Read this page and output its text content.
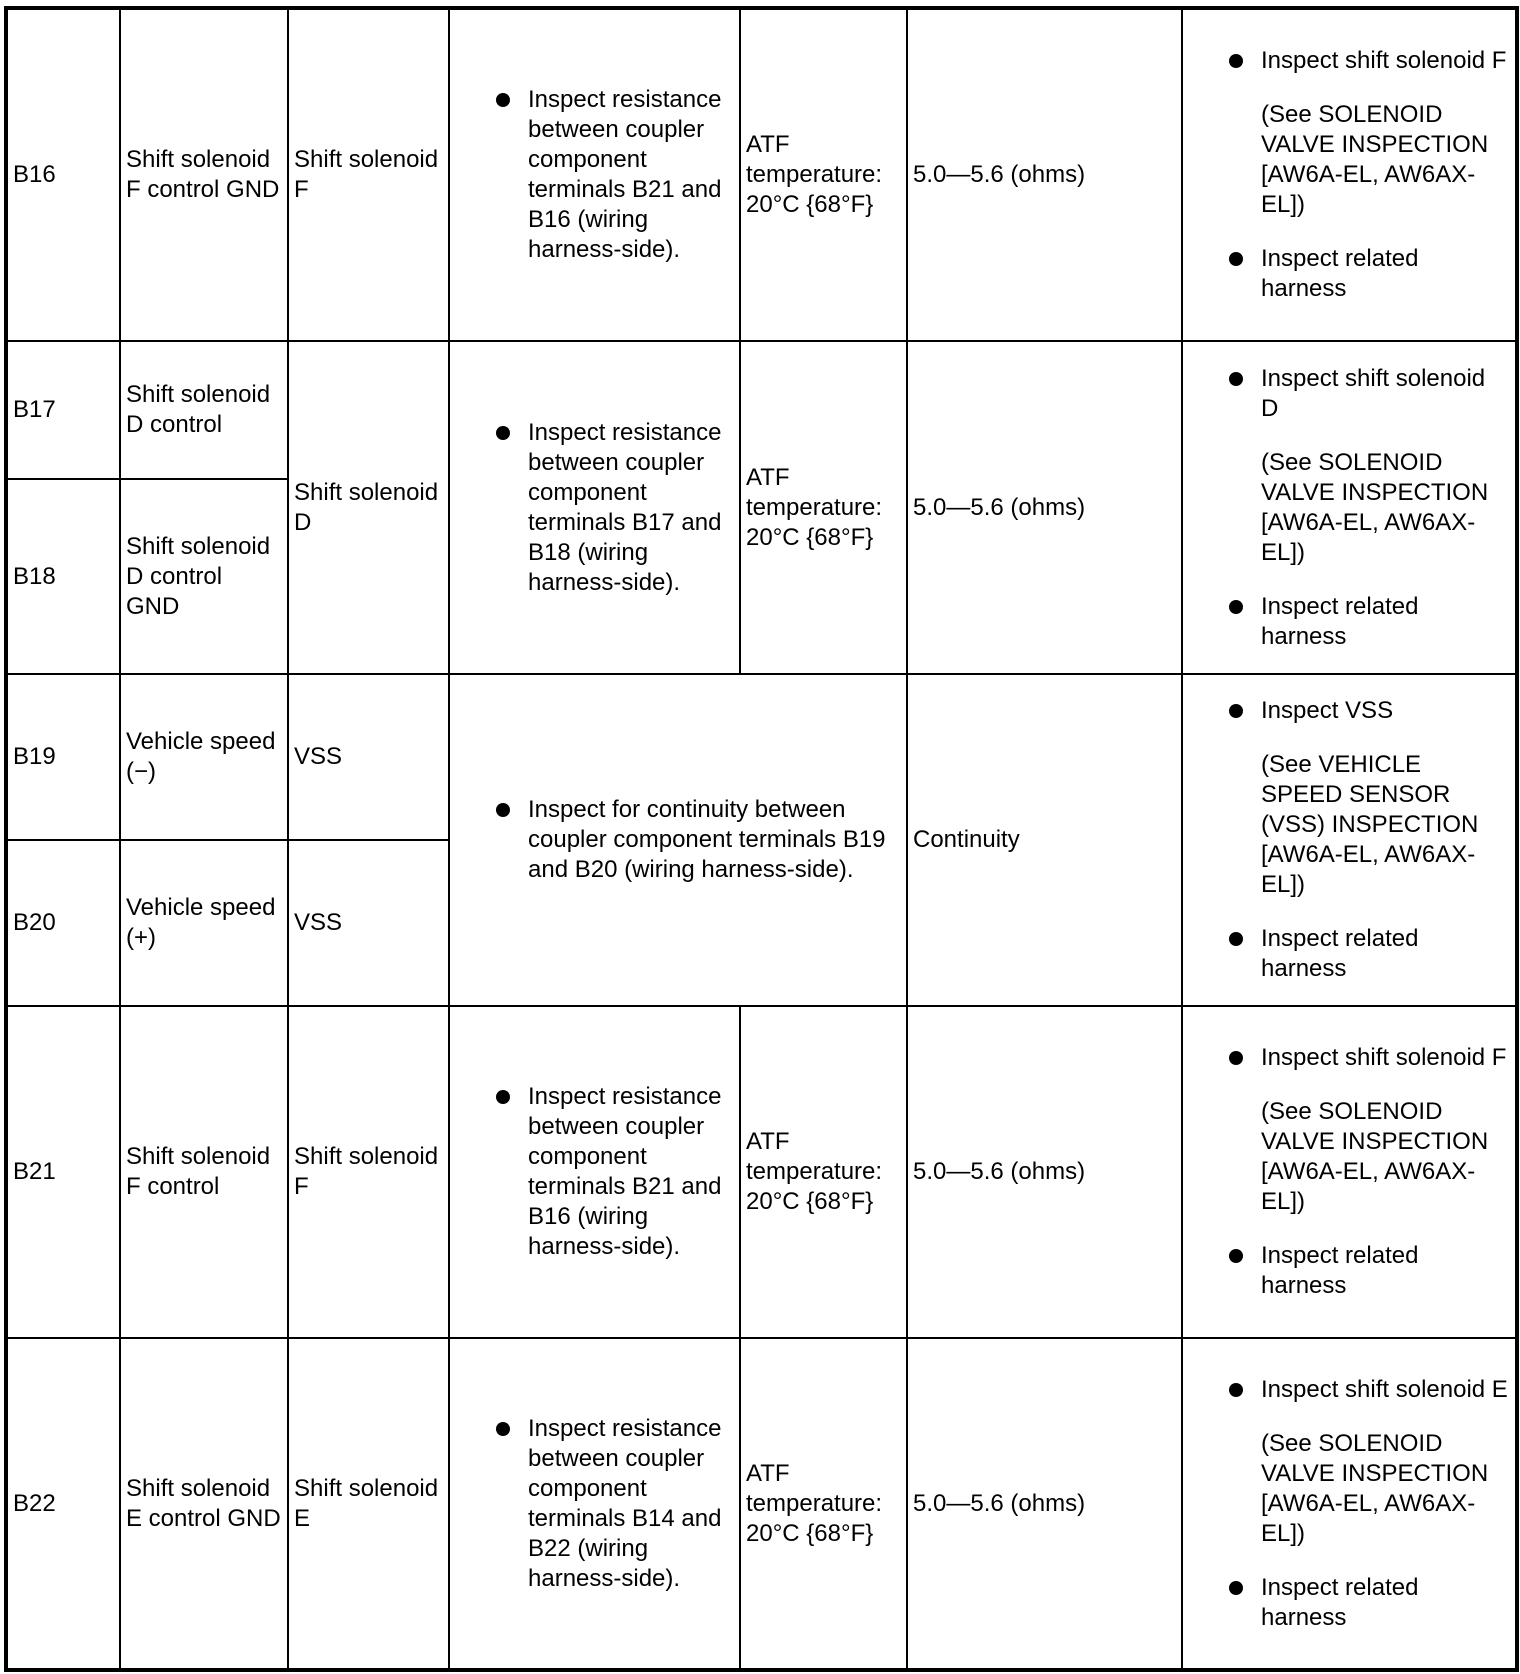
B16	Shift solenoid F control GND	Shift solenoid F	Inspect resistance between coupler component terminals B21 and B16 (wiring harness-side).	ATF temperature: 20°C {68°F}	5.0—5.6 (ohms)	Inspect shift solenoid F
(See SOLENOID VALVE INSPECTION [AW6A-EL, AW6AX-EL])
Inspect related harness

B17	Shift solenoid D control	Shift solenoid D	Inspect resistance between coupler component terminals B17 and B18 (wiring harness-side).	ATF temperature: 20°C {68°F}	5.0—5.6 (ohms)	Inspect shift solenoid D
(See SOLENOID VALVE INSPECTION [AW6A-EL, AW6AX-EL])
Inspect related harness

B18	Shift solenoid D control GND					
B19	Vehicle speed (−)	VSS	Inspect for continuity between coupler component terminals B19 and B20 (wiring harness-side).		Continuity	Inspect VSS
(See VEHICLE SPEED SENSOR (VSS) INSPECTION [AW6A-EL, AW6AX-EL])
Inspect related harness

B20	Vehicle speed (+)	VSS				
B21	Shift solenoid F control	Shift solenoid F	Inspect resistance between coupler component terminals B21 and B16 (wiring harness-side).	ATF temperature: 20°C {68°F}	5.0—5.6 (ohms)	Inspect shift solenoid F
(See SOLENOID VALVE INSPECTION [AW6A-EL, AW6AX-EL])
Inspect related harness

B22	Shift solenoid E control GND	Shift solenoid E	Inspect resistance between coupler component terminals B14 and B22 (wiring harness-side).	ATF temperature: 20°C {68°F}	5.0—5.6 (ohms)	Inspect shift solenoid E
(See SOLENOID VALVE INSPECTION [AW6A-EL, AW6AX-EL])
Inspect related harness
